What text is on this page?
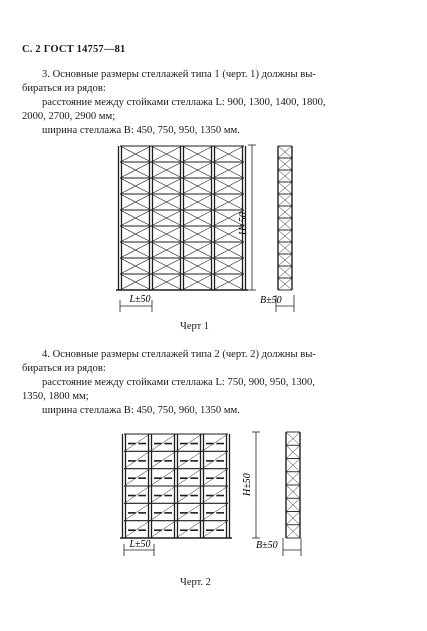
С. 2 ГОСТ 14757—81

3. Основные размеры стеллажей типа 1 (черт. 1) должны вы-

бираться из рядов:

расстояние между стойками стеллажа L: 900, 1300, 1400, 1800,

2000, 2700, 2900 мм;

ширина стеллажа B: 450, 750, 950, 1350 мм.

H±50
L±50	B±50
Черт 1

4. Основные размеры стеллажей типа 2 (черт. 2) должны вы-

бираться из рядов:

расстояние между стойками стеллажа L: 750, 900, 950, 1300,

1350, 1800 мм;

ширина стеллажа B: 450, 750, 960, 1350 мм.

H±50
L±50	B±50
Черт. 2
